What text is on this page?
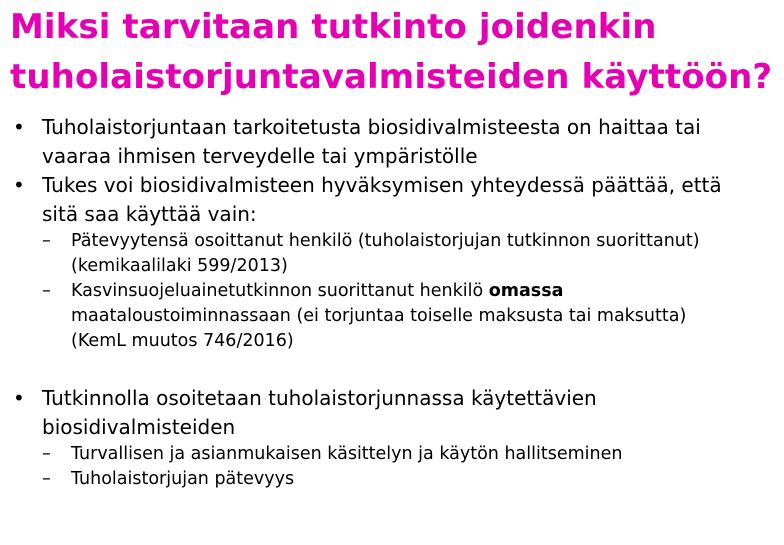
Miksi tarvitaan tutkinto joidenkin
tuholaistorjuntavalmisteiden käyttöön?
• Tuholaistorjuntaan tarkoitetusta biosidivalmisteesta on haittaa tai
vaaraa ihmisen terveydelle tai ympäristölle
• Tukes voi biosidivalmisteen hyväksymisen yhteydessä päättää, että
sitä saa käyttää vain:
– Pätevyytensä osoittanut henkilö (tuholaistorjujan tutkinnon suorittanut)
(kemikaalilaki 599/2013)
– Kasvinsuojeluainetutkinnon suorittanut henkilö omassa
maataloustoiminnassaan (ei torjuntaa toiselle maksusta tai maksutta)
(KemL muutos 746/2016)
• Tutkinnolla osoitetaan tuholaistorjunnassa käytettävien
biosidivalmisteiden
– Turvallisen ja asianmukaisen käsittelyn ja käytön hallitseminen
– Tuholaistorjujan pätevyys
